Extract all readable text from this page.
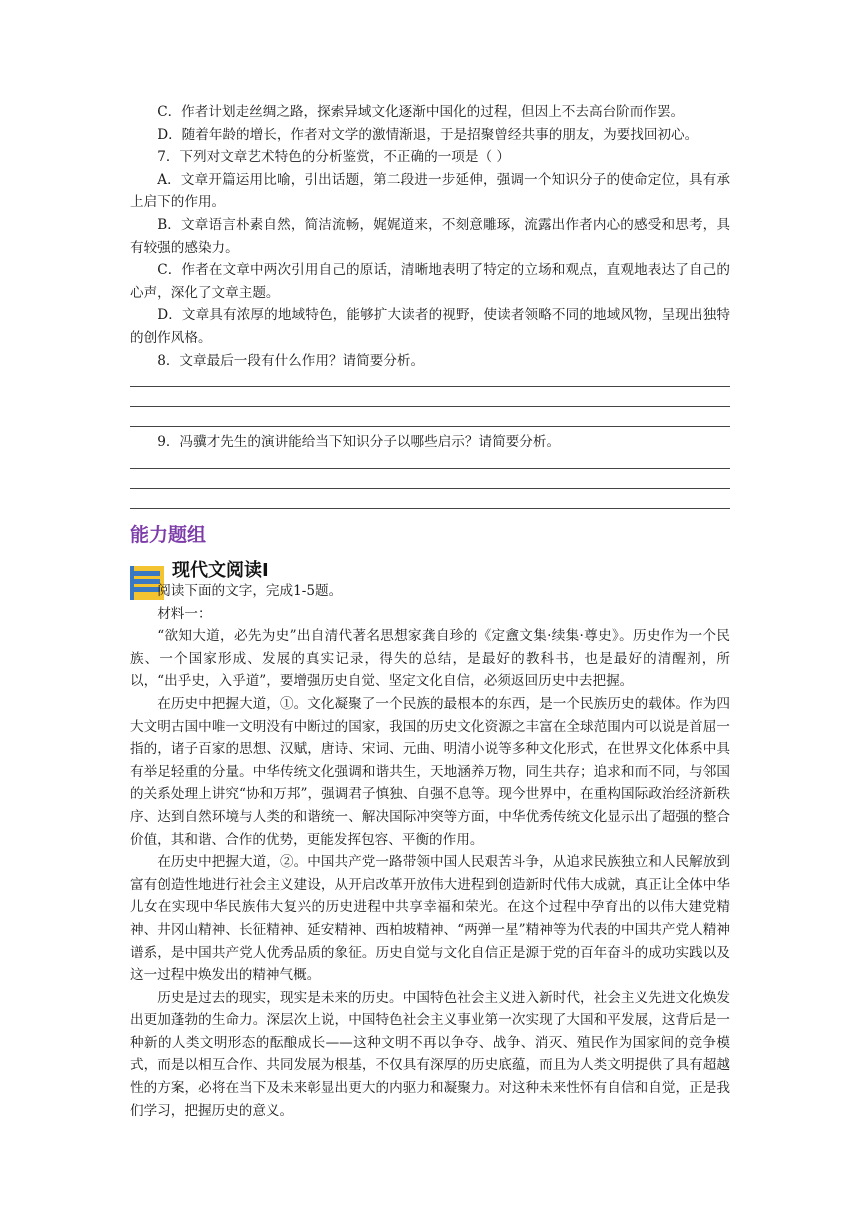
C．作者计划走丝绸之路，探索异域文化逐渐中国化的过程，但因上不去高台阶而作罢。

D．随着年龄的增长，作者对文学的激情渐退，于是招聚曾经共事的朋友，为要找回初心。

7．下列对文章艺术特色的分析鉴赏，不正确的一项是（ ）

A．文章开篇运用比喻，引出话题，第二段进一步延伸，强调一个知识分子的使命定位，具有承上启下的作用。

B．文章语言朴素自然，简洁流畅，娓娓道来，不刻意雕琢，流露出作者内心的感受和思考，具有较强的感染力。

C．作者在文章中两次引用自己的原话，清晰地表明了特定的立场和观点，直观地表达了自己的心声，深化了文章主题。

D．文章具有浓厚的地域特色，能够扩大读者的视野，使读者领略不同的地域风物，呈现出独特的创作风格。

8．文章最后一段有什么作用？请简要分析。

9．冯骥才先生的演讲能给当下知识分子以哪些启示？请简要分析。

能力题组
现代文阅读Ⅰ

阅读下面的文字，完成1-5题。

材料一：

“欲知大道，必先为史”出自清代著名思想家龚自珍的《定盦文集·续集·尊史》。历史作为一个民族、一个国家形成、发展的真实记录，得失的总结，是最好的教科书，也是最好的清醒剂，所以，“出乎史，入乎道”，要增强历史自觉、坚定文化自信，必须返回历史中去把握。

在历史中把握大道，①。文化凝聚了一个民族的最根本的东西，是一个民族历史的载体。作为四大文明古国中唯一文明没有中断过的国家，我国的历史文化资源之丰富在全球范围内可以说是首屈一指的，诸子百家的思想、汉赋，唐诗、宋词、元曲、明清小说等多种文化形式，在世界文化体系中具有举足轻重的分量。中华传统文化强调和谐共生，天地涵养万物，同生共存；追求和而不同，与邻国的关系处理上讲究“协和万邦”，强调君子慎独、自强不息等。现今世界中，在重构国际政治经济新秩序、达到自然环境与人类的和谐统一、解决国际冲突等方面，中华优秀传统文化显示出了超强的整合价值，其和谐、合作的优势，更能发挥包容、平衡的作用。

在历史中把握大道，②。中国共产党一路带领中国人民艰苦斗争，从追求民族独立和人民解放到富有创造性地进行社会主义建设，从开启改革开放伟大进程到创造新时代伟大成就，真正让全体中华儿女在实现中华民族伟大复兴的历史进程中共享幸福和荣光。在这个过程中孕育出的以伟大建党精神、井冈山精神、长征精神、延安精神、西柏坡精神、“两弹一星”精神等为代表的中国共产党人精神谱系，是中国共产党人优秀品质的象征。历史自觉与文化自信正是源于党的百年奋斗的成功实践以及这一过程中焕发出的精神气概。

历史是过去的现实，现实是未来的历史。中国特色社会主义进入新时代，社会主义先进文化焕发出更加蓬勃的生命力。深层次上说，中国特色社会主义事业第一次实现了大国和平发展，这背后是一种新的人类文明形态的酝酿成长——这种文明不再以争夺、战争、消灭、殖民作为国家间的竞争模式，而是以相互合作、共同发展为根基，不仅具有深厚的历史底蕴，而且为人类文明提供了具有超越性的方案，必将在当下及未来彰显出更大的内驱力和凝聚力。对这种未来性怀有自信和自觉，正是我们学习，把握历史的意义。
